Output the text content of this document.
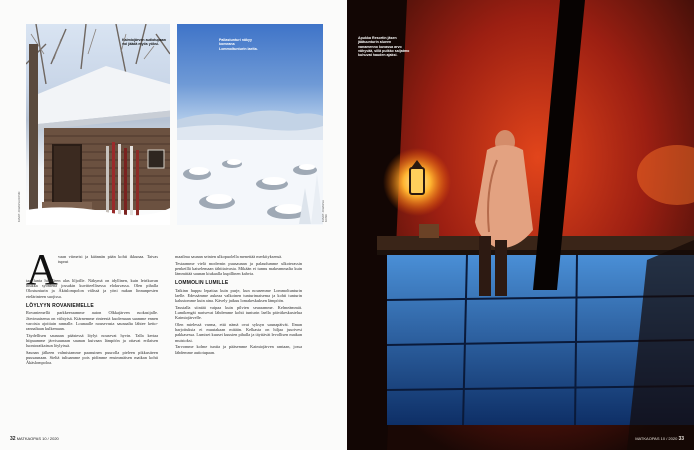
Kaimiojärven autiotupaan voi jäädä myös yöksi.
KUVAT: JOHANNA KOSKI
Pallastunturi näkyy komeana Lommoltunturin laelta.
KUVAT: JOHANNA KOSKI
A vaan viimeisi ja käännän pään kohti ikkunaa. Taivas tuprut

taa lunta hiljalleen alas liljoille. Näkymä on idyllinen, kuin leirikuvan hiukka syöntenä jossakin kuvitteellisessa elokuvassa. Olen pihalla Olostunturin ja Äkäslompolon välissä ja yöni nukun linnunpesien etelärinteen suojissa.

LÖYLYYN ROVANIEMELLE

Rovaniemellä parkkeeraamme auton Olkkajärven ruokasijalle. Järvimaisema on viihtyisä. Kiärnemme rinteestä kuolemaan saamme ennen varoista ajoittain rannalle. Lounaalle nousevasta saunaalta lähtee ketto-rannaltaan kulkemaan.

Täydellisen saunaan päästessä löylyt nousevat hyvin. Talla kertaa hiipuamme järvisaunaan saunan kuivaan lämpöön ja ottavat erilaisen luontoratkaisun löylyissä.

Saunan jälkeen valmistamme paanuinen puurolla pieleen pikkusiteen puusaunaan. Sieltä tultuamme pois pidimme ensimmäisen matkan kohti Äkäslompoloa.

maailma saunan seinien ulkopuolella menettää merkityksensä.

Testaamme vielä modernin puusaunan ja palaudumme ulkoterassin penkeillä katselemaan tähtitaivasta. Mikään ei tunnu makeammalta kuin lämmittää saunan kiukaalla kupillinen kahvia.

LOMMOLIN LUMILLE

Taikinn huppu lepattaa kuin purje, kun nousemme Lommoltunturin laelle. Edessämme aukeaa valkoinen tunturimaisema ja kohti tunturin kalustomme kuin aina. Kävely jatkuu lomakeskuksen lämpöön.

Taustalla siintää vaipaa kuin pilvien seuraamme. Kelmeämmät. Lumikengät narisevat lähdemme kohti tunturin laella päiväkeskustelua Kaimiojärvelle.

Olen mielessä varma, että nämä ovat syksyn saunapäivät. Ilman harjoituksia ei muutakaan mitään. Kelkasta on hiljaa juurivesi pakkasessa. Lumiset kuuset kuusien pihalla ja täyttävät levollisen matkan muistoksi.

Tarvomme kolme tuntia ja pääsemme Kaimiojärven rantaan, jossa lähdemme autiotupaan.

32 MATKAOPAS 10 / 2020
Apukka Resortin jäsen jäätuunturin alueen vanamenno kuvassa arvo vähyvää, sillä puikko saljatmo kuhuvat hauden ajaksi.
MATKAOPAS 10 / 2020 33
